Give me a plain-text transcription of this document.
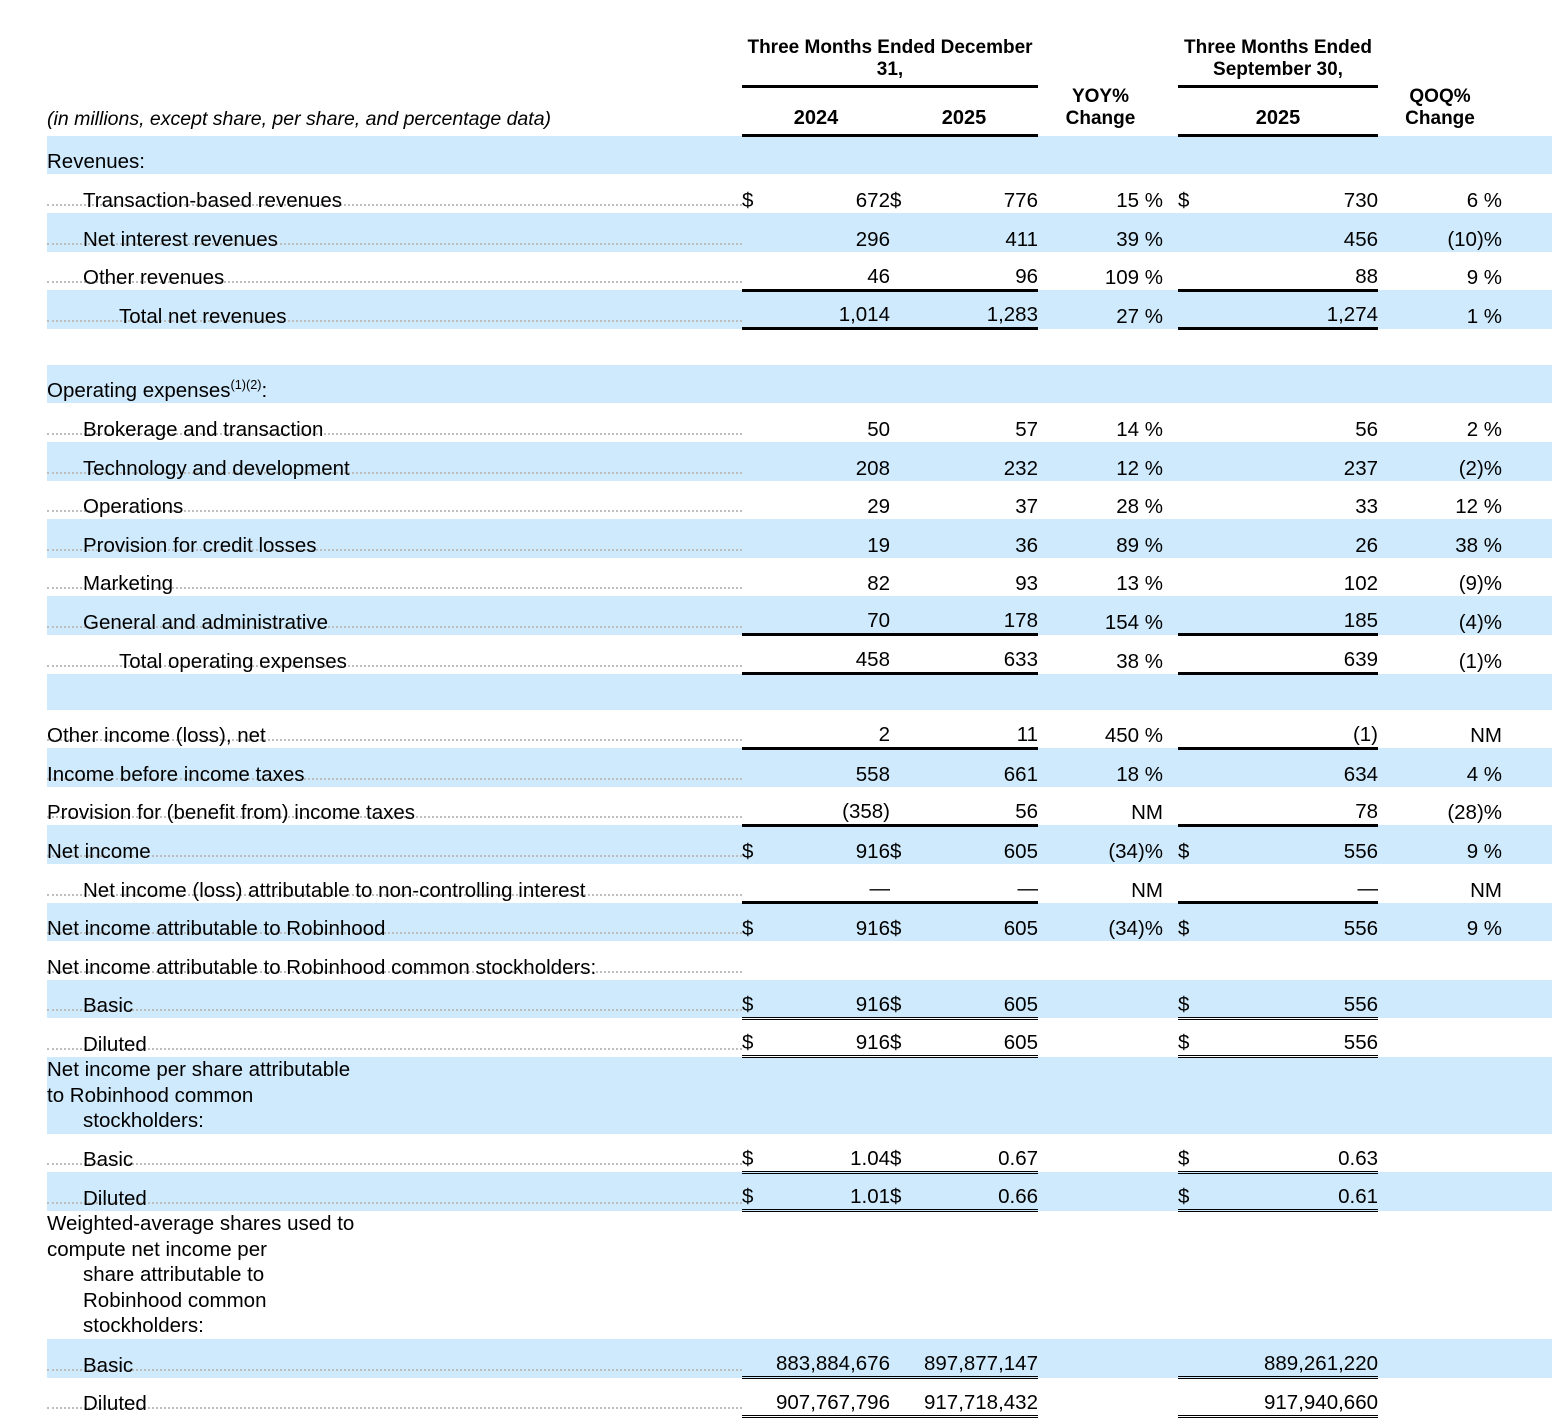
	Three Months Ended December 31,						Three Months Ended September 30,			
(in millions, except share, per share, and percentage data)	2024		2025		YOY% Change		2025		QOQ% Change	
Revenues:										

Transaction-based revenues	$	672	$	776	15 %		$	730	6 %	

Net interest revenues		296		411	39 %			456	(10)%	

Other revenues		46		96	109 %			88	9 %	

Total net revenues		1,014		1,283	27 %			1,274	1 %	

Operating expenses$^{(1)(2)}$:										

Brokerage and transaction		50		57	14 %			56	2 %	

Technology and development		208		232	12 %			237	(2)%	

Operations		29		37	28 %			33	12 %	

Provision for credit losses		19		36	89 %			26	38 %	

Marketing		82		93	13 %			102	(9)%	

General and administrative		70		178	154 %			185	(4)%	

Total operating expenses		458		633	38 %			639	(1)%	

Other income (loss), net		2		11	450 %			(1)	NM	

Income before income taxes		558		661	18 %			634	4 %	

Provision for (benefit from) income taxes		(358)		56	NM			78	(28)%	

Net income	$	916	$	605	(34)%		$	556	9 %	

Net income (loss) attributable to non-controlling interest		—		—	NM			—	NM	

Net income attributable to Robinhood	$	916	$	605	(34)%		$	556	9 %	

Net income attributable to Robinhood common stockholders:										

Basic	$	916	$	605			$	556		

Diluted	$	916	$	605			$	556		

Net income per share attributable to Robinhood common
stockholders:										

Basic	$	1.04	$	0.67			$	0.63		

Diluted	$	1.01	$	0.66			$	0.61		

Weighted-average shares used to compute net income per
share attributable to Robinhood common stockholders:										

Basic		883,884,676		897,877,147				889,261,220		

Diluted		907,767,796		917,718,432				917,940,660		
